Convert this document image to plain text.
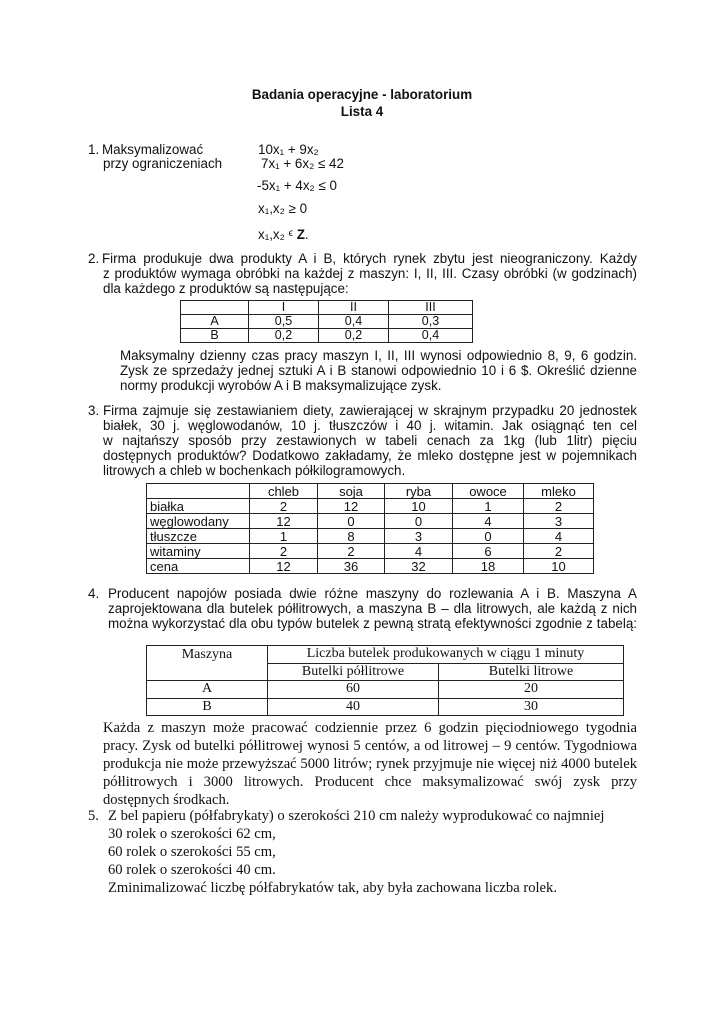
Badania operacyjne - laboratorium
Lista 4
1. Maksymalizować	10x₁ + 9x₂
przy ograniczeniach	7x₁ + 6x₂ ≤ 42
-5x₁ + 4x₂ ≤ 0
x₁,x₂ ≥ 0
x₁,x₂ $^\epsilon$ Z.
	I	II	III
A	0,5	0,4	0,3
B	0,2	0,2	0,4
2. Firma produkuje dwa produkty A i B, których rynek zbytu jest nieograniczony. Każdy
z produktów wymaga obróbki na każdej z maszyn: I, II, III. Czasy obróbki (w godzinach)
dla każdego z produktów są następujące:
Maksymalny dzienny czas pracy maszyn I, II, III wynosi odpowiednio 8, 9, 6 godzin.
Zysk ze sprzedaży jednej sztuki A i B stanowi odpowiednio 10 i 6 $. Określić dzienne
normy produkcji wyrobów A i B maksymalizujące zysk.
	chleb	soja	ryba	owoce	mleko
białka	2	12	10	1	2
węglowodany	12	0	0	4	3
tłuszcze	1	8	3	0	4
witaminy	2	2	4	6	2
cena	12	36	32	18	10
3. Firma zajmuje się zestawianiem diety, zawierającej w skrajnym przypadku 20 jednostek
białek, 30 j. węglowodanów, 10 j. tłuszczów i 40 j. witamin. Jak osiągnąć ten cel
w najtańszy sposób przy zestawionych w tabeli cenach za 1kg (lub 1litr) pięciu
dostępnych produktów? Dodatkowo zakładamy, że mleko dostępne jest w pojemnikach
litrowych a chleb w bochenkach półkilogramowych.
Maszyna	Liczba butelek produkowanych w ciągu 1 minuty	
	Butelki półlitrowe	Butelki litrowe
A	60	20
B	40	30
4. Producent napojów posiada dwie różne maszyny do rozlewania A i B. Maszyna A
zaprojektowana dla butelek półlitrowych, a maszyna B – dla litrowych, ale każdą z nich
można wykorzystać dla obu typów butelek z pewną stratą efektywności zgodnie z tabelą:
Każda z maszyn może pracować codziennie przez 6 godzin pięciodniowego tygodnia
pracy. Zysk od butelki półlitrowej wynosi 5 centów, a od litrowej – 9 centów. Tygodniowa
produkcja nie może przewyższać 5000 litrów; rynek przyjmuje nie więcej niż 4000 butelek
półlitrowych i 3000 litrowych. Producent chce maksymalizować swój zysk przy
dostępnych środkach.
5. Z bel papieru (półfabrykaty) o szerokości 210 cm należy wyprodukować co najmniej
30 rolek o szerokości 62 cm,
60 rolek o szerokości 55 cm,
60 rolek o szerokości 40 cm.
Zminimalizować liczbę półfabrykatów tak, aby była zachowana liczba rolek.
